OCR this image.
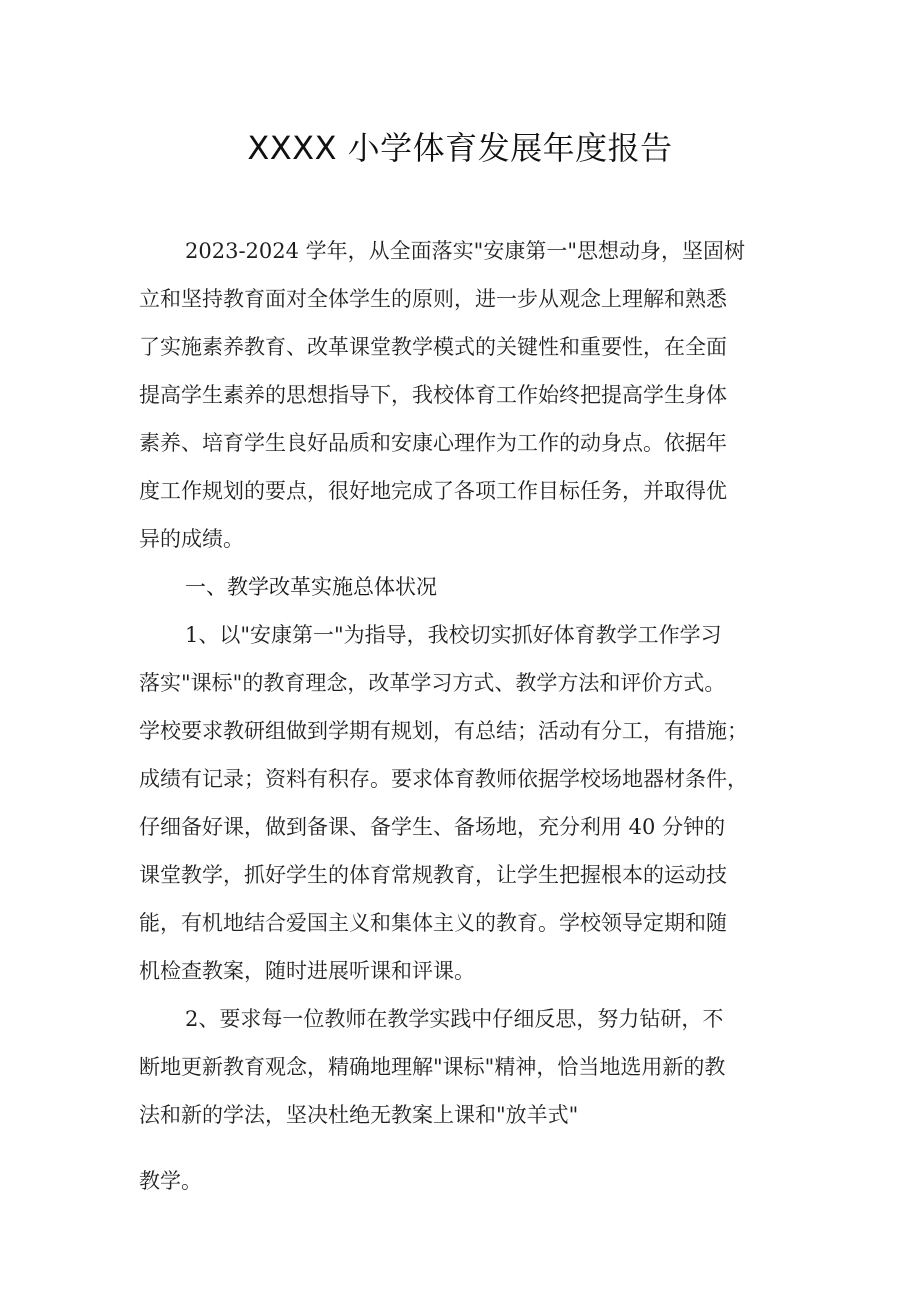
XXXX 小学体育发展年度报告
2023-2024 学年，从全面落实"安康第一"思想动身，坚固树
立和坚持教育面对全体学生的原则，进一步从观念上理解和熟悉
了实施素养教育、改革课堂教学模式的关键性和重要性，在全面
提高学生素养的思想指导下，我校体育工作始终把提高学生身体
素养、培育学生良好品质和安康心理作为工作的动身点。依据年
度工作规划的要点，很好地完成了各项工作目标任务，并取得优
异的成绩。
一、教学改革实施总体状况
1、以"安康第一"为指导，我校切实抓好体育教学工作学习
落实"课标"的教育理念，改革学习方式、教学方法和评价方式。
学校要求教研组做到学期有规划，有总结；活动有分工，有措施；
成绩有记录；资料有积存。要求体育教师依据学校场地器材条件，
仔细备好课，做到备课、备学生、备场地，充分利用 40 分钟的
课堂教学，抓好学生的体育常规教育，让学生把握根本的运动技
能，有机地结合爱国主义和集体主义的教育。学校领导定期和随
机检查教案，随时进展听课和评课。
2、要求每一位教师在教学实践中仔细反思，努力钻研，不
断地更新教育观念，精确地理解"课标"精神，恰当地选用新的教
法和新的学法，坚决杜绝无教案上课和"放羊式"
教学。
